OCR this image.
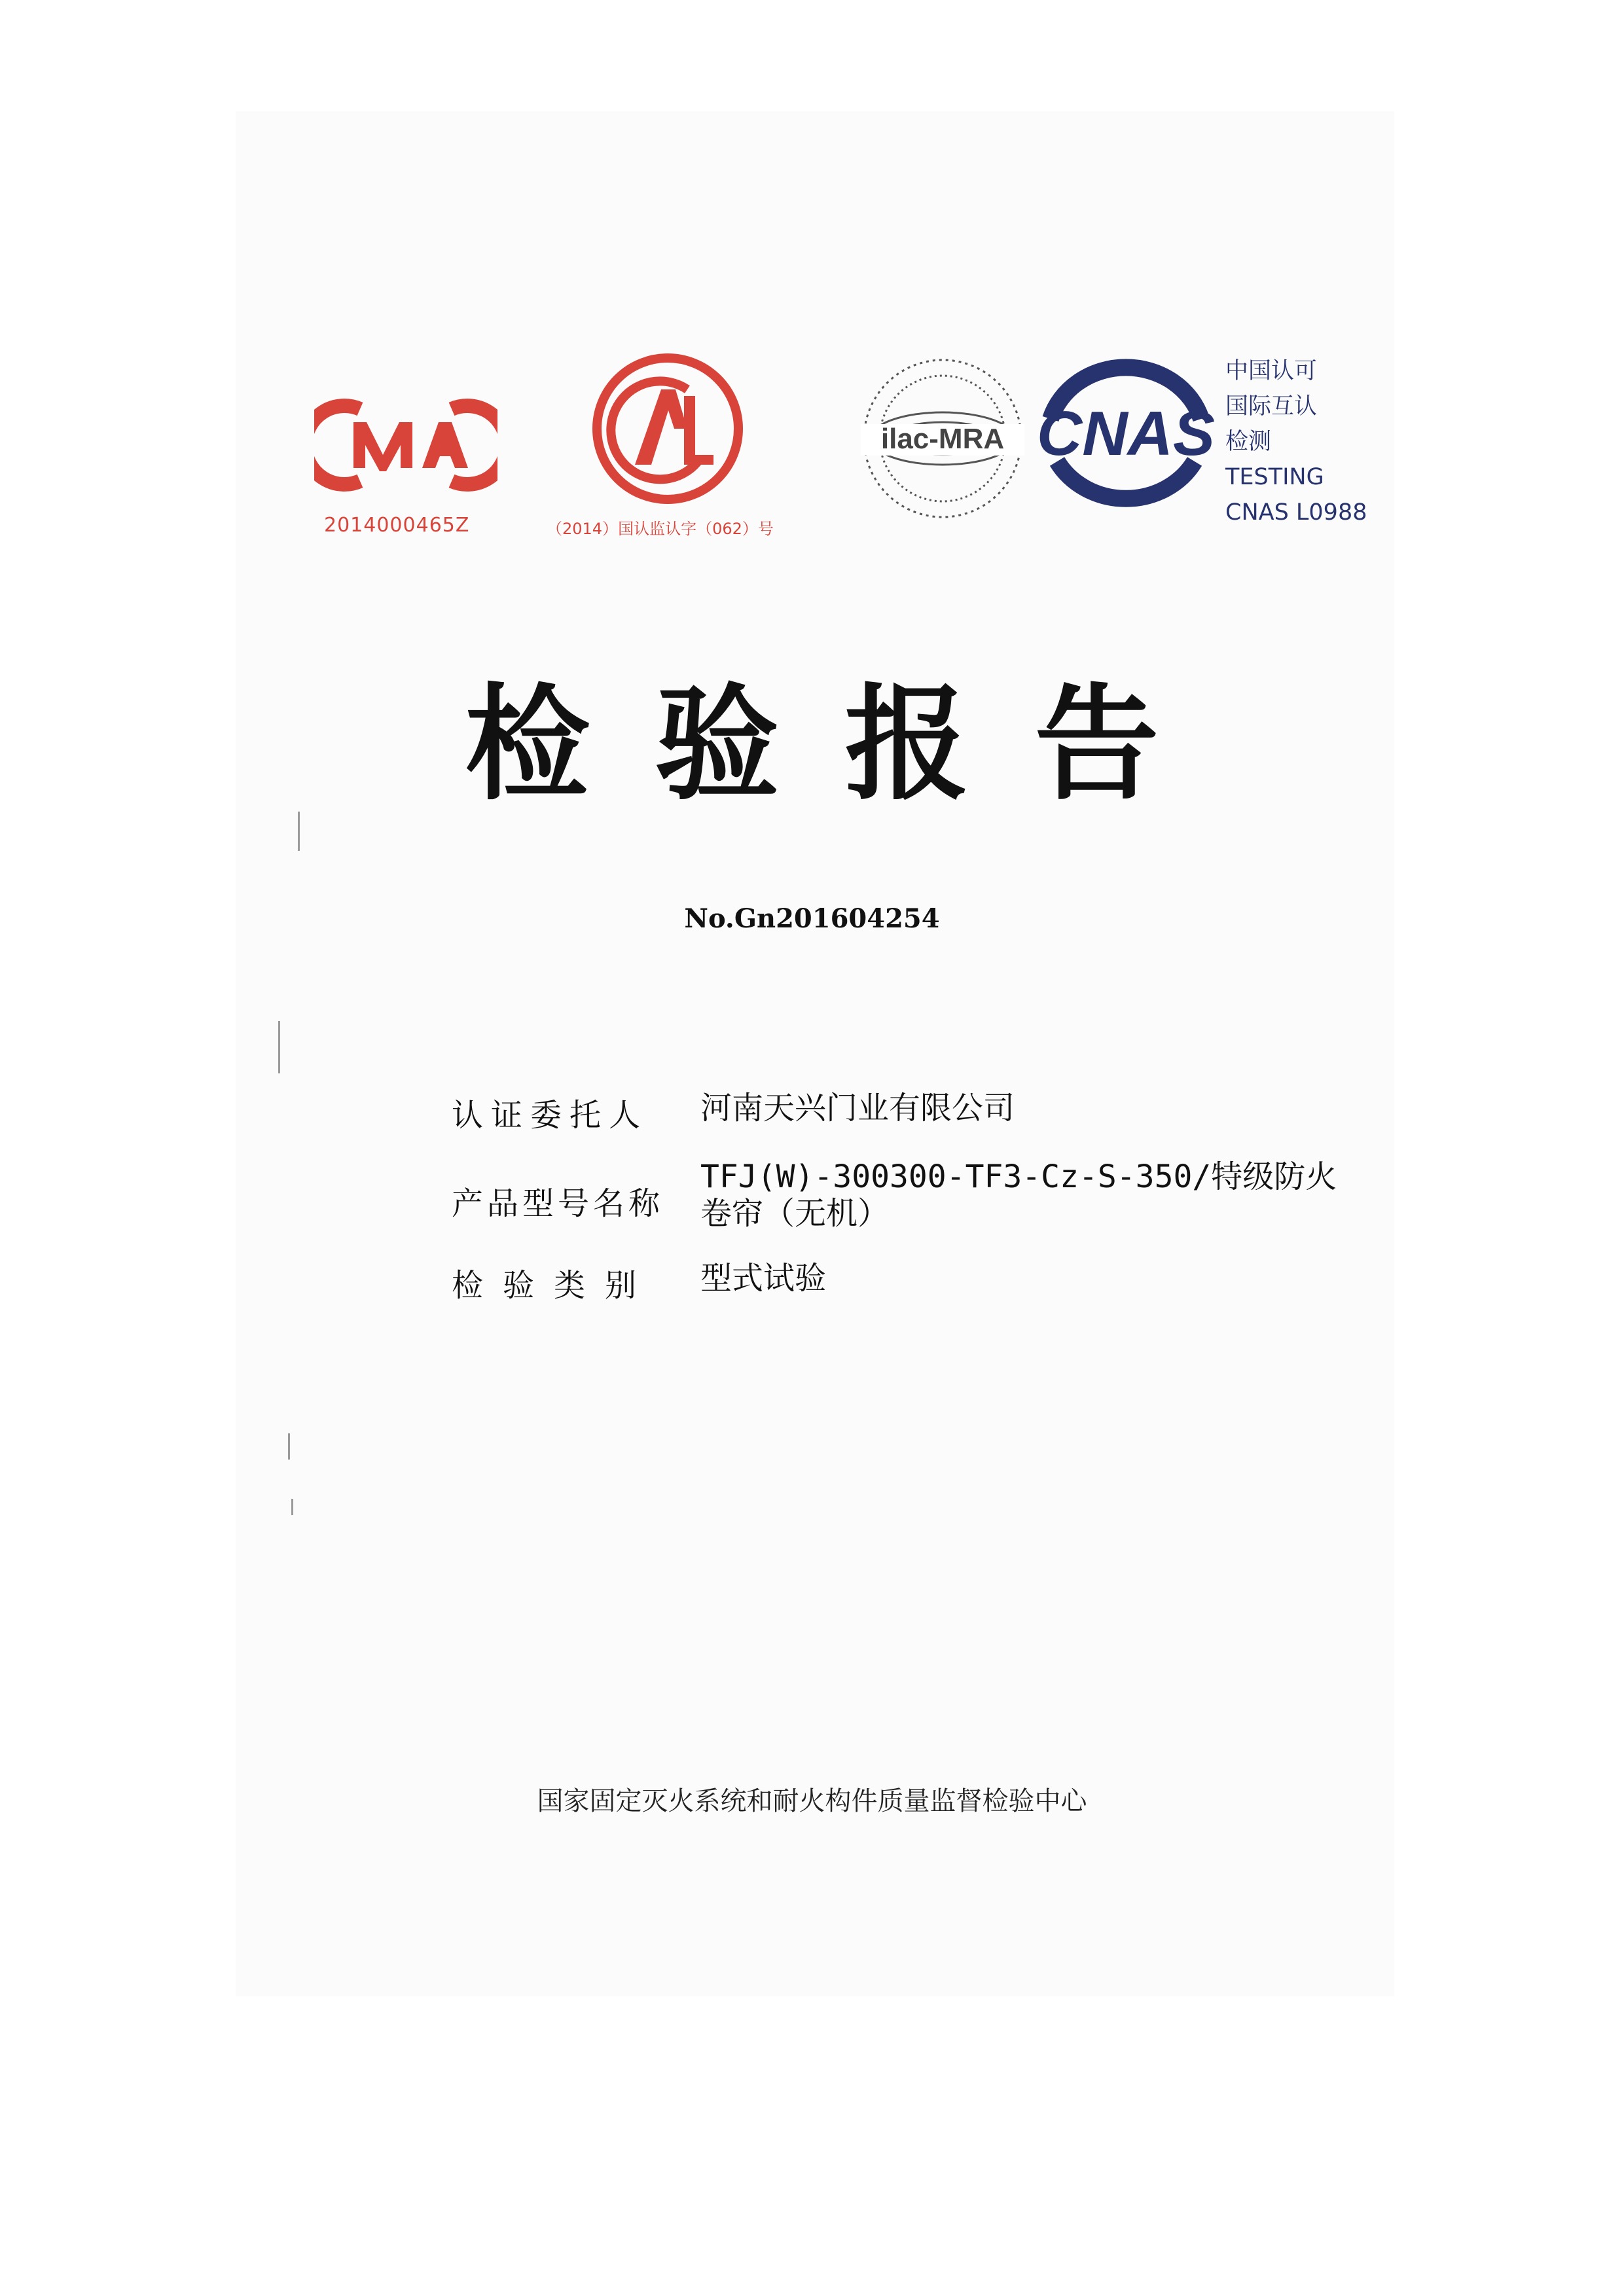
2014000465Z	（2014）国认监认字（062）号
ilac-MRA CNAS
中国认可
国际互认
检测
TESTING
CNAS L0988
检验报告
No.Gn201604254
认证委托人 河南天兴门业有限公司
产品型号名称
TFJ(W)-300300-TF3-Cz-S-350/特级防火卷帘（无机）
检验类别 型式试验
国家固定灭火系统和耐火构件质量监督检验中心
